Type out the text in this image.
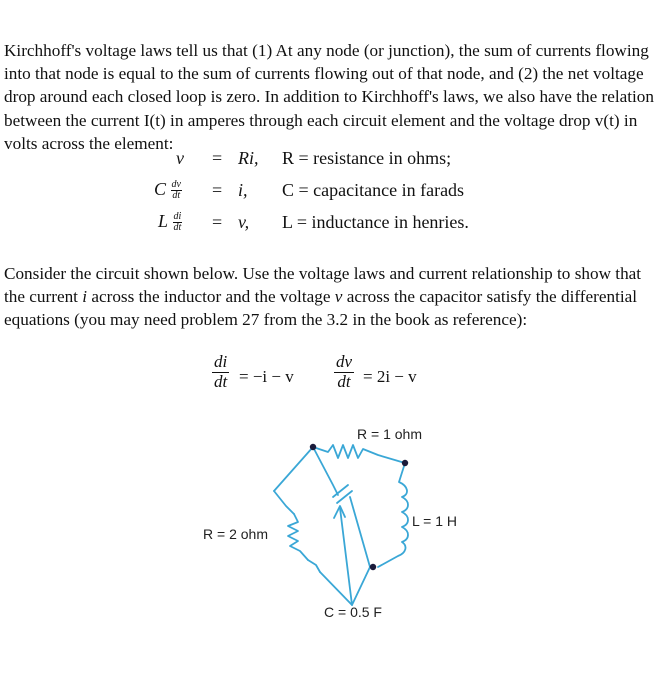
Kirchhoff's voltage laws tell us that (1) At any node (or junction), the sum of currents flowing into that node is equal to the sum of currents flowing out of that node, and (2) the net voltage drop around each closed loop is zero. In addition to Kirchhoff's laws, we also have the relation between the current I(t) in amperes through each circuit element and the voltage drop v(t) in volts across the element:
v = Ri, R = resistance in ohms;
C $\frac{dv}{dt} = i$, C = capacitance in farads
L $\frac{di}{dt} = v$, L = inductance in henries.
Consider the circuit shown below. Use the voltage laws and current relationship to show that the current i across the inductor and the voltage v across the capacitor satisfy the differential equations (you may need problem 27 from the 3.2 in the book as reference):
$\frac{di}{dt} = -i - v \frac{dv}{dt} = 2i - v$
R = 1 ohm
L = 1 H
R = 2 ohm
C = 0.5 F
